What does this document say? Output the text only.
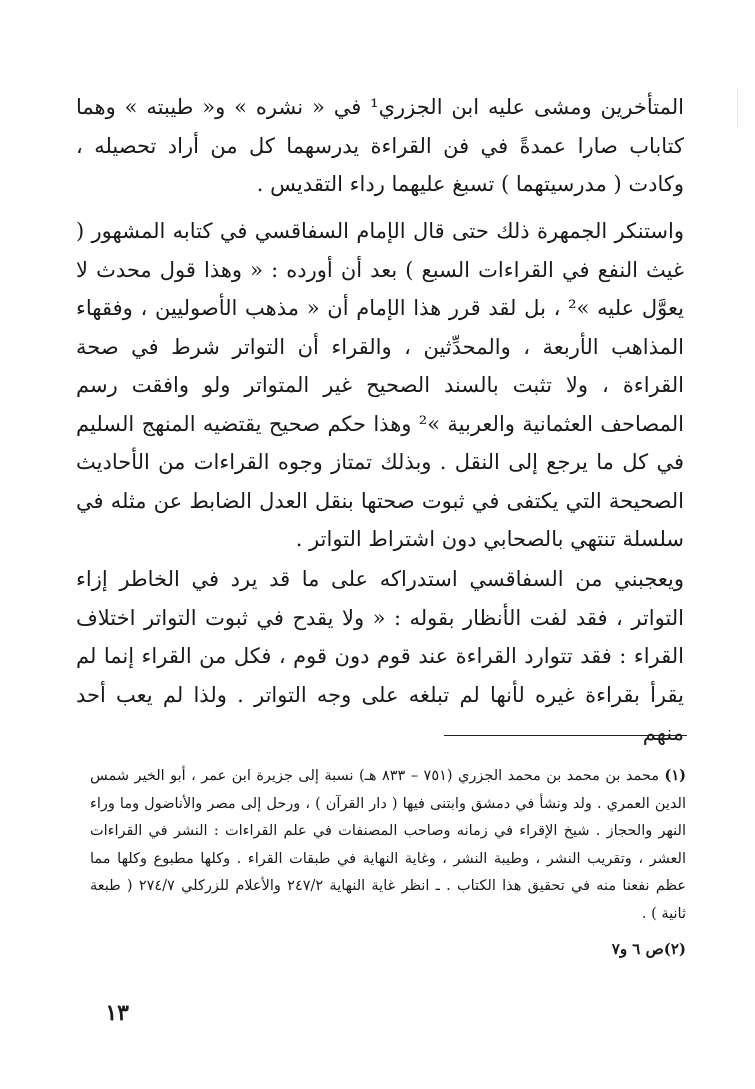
المتأخرين ومشى عليه ابن الجزري¹ في « نشره » و« طيبته » وهما كتاباب صارا عمدةً في فن القراءة يدرسهما كل من أراد تحصيله ، وكادت ( مدرسيتهما ) تسبغ عليهما رداء التقديس .

واستنكر الجمهرة ذلك حتى قال الإمام السفاقسي في كتابه المشهور ( غيث النفع في القراءات السبع ) بعد أن أورده : « وهذا قول محدث لا يعوَّل عليه »² ، بل لقد قرر هذا الإمام أن « مذهب الأصوليين ، وفقهاء المذاهب الأربعة ، والمحدِّثين ، والقراء أن التواتر شرط في صحة القراءة ، ولا تثبت بالسند الصحيح غير المتواتر ولو وافقت رسم المصاحف العثمانية والعربية »² وهذا حكم صحيح يقتضيه المنهج السليم في كل ما يرجع إلى النقل . وبذلك تمتاز وجوه القراءات من الأحاديث الصحيحة التي يكتفى في ثبوت صحتها بنقل العدل الضابط عن مثله في سلسلة تنتهي بالصحابي دون اشتراط التواتر .

ويعجبني من السفاقسي استدراكه على ما قد يرد في الخاطر إزاء التواتر ، فقد لفت الأنظار بقوله : « ولا يقدح في ثبوت التواتر اختلاف القراء : فقد تتوارد القراءة عند قوم دون قوم ، فكل من القراء إنما لم يقرأ بقراءة غيره لأنها لم تبلغه على وجه التواتر . ولذا لم يعب أحد منهم

(١) محمد بن محمد بن محمد الجزري (٧٥١ – ٨٣٣ هـ) نسبة إلى جزيرة ابن عمر ، أبو الخير شمس الدين العمري . ولد ونشأ في دمشق وابتنى فيها ( دار القرآن ) ، ورحل إلى مصر والأناضول وما وراء النهر والحجاز . شيخ الإقراء في زمانه وصاحب المصنفات في علم القراءات : النشر في القراءات العشر ، وتقريب النشر ، وطيبة النشر ، وغاية النهاية في طبقات القراء . وكلها مطبوع وكلها مما عظم نفعنا منه في تحقيق هذا الكتاب . ـ انظر غاية النهاية ٢٤٧/٢ والأعلام للزركلي ٢٧٤/٧ ( طبعة ثانية ) .

(٢)ص ٦ و٧

١٣
